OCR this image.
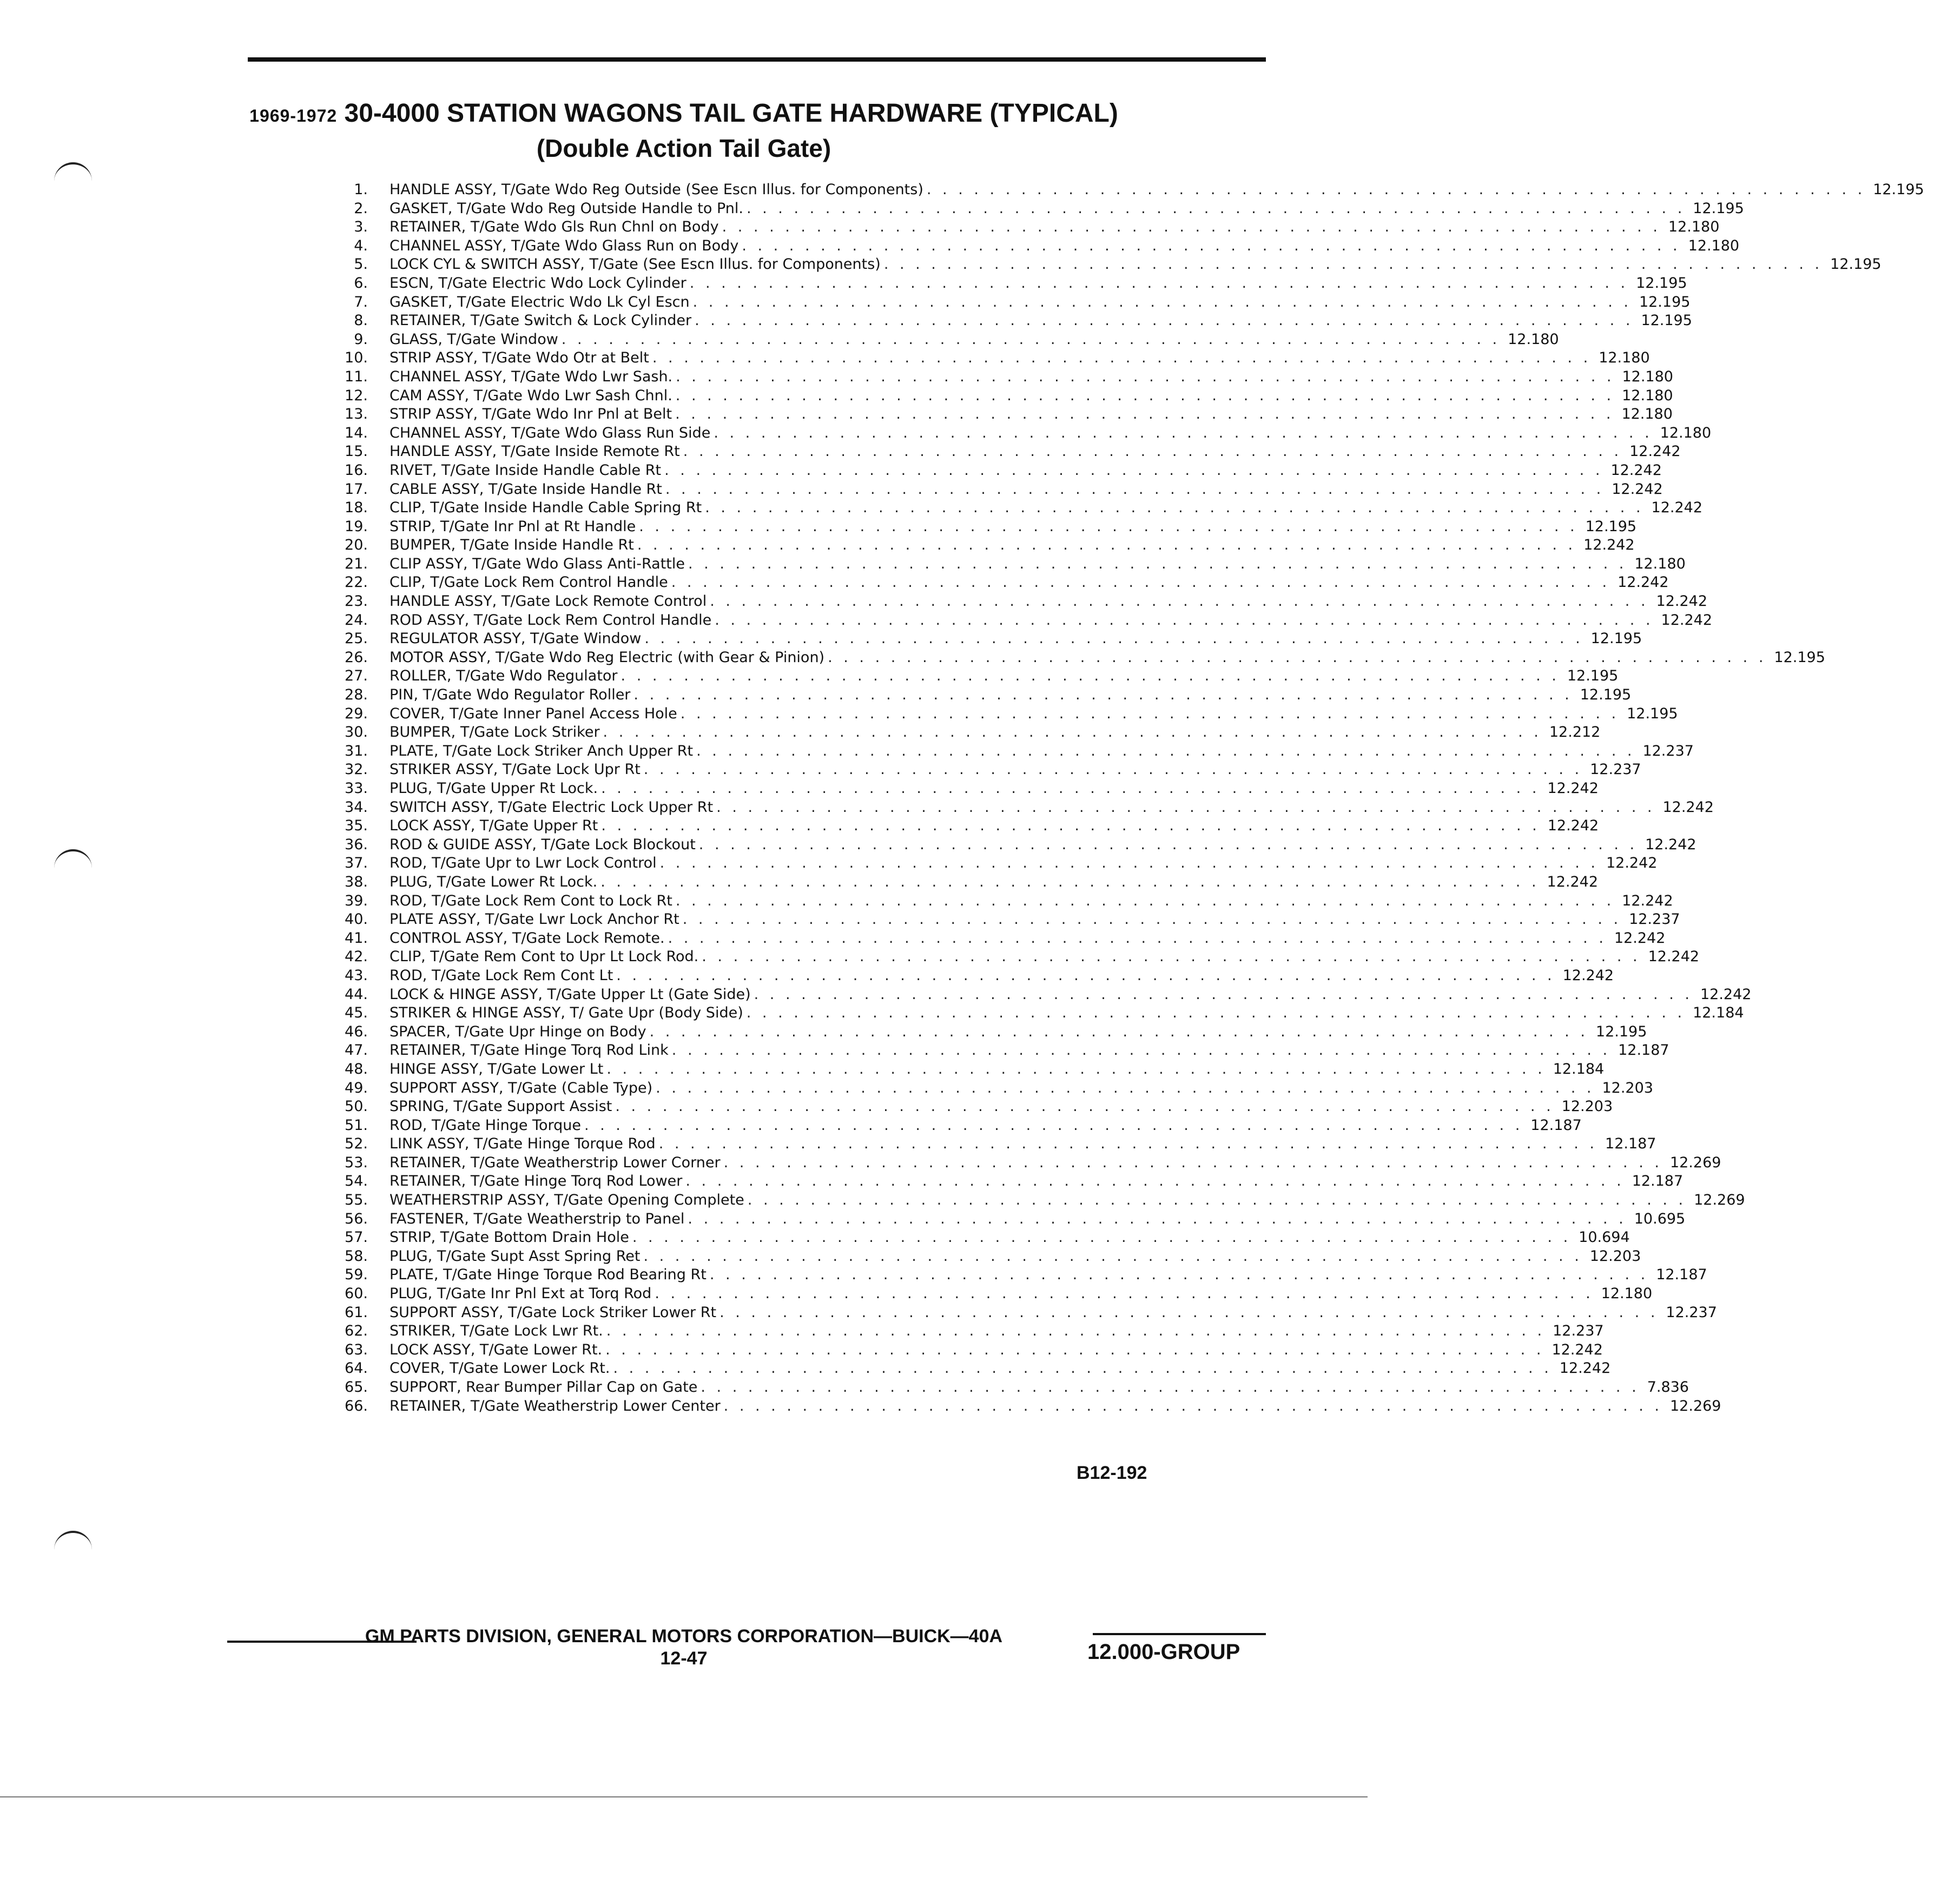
1969-1972 30-4000 STATION WAGONS TAIL GATE HARDWARE (TYPICAL)
(Double Action Tail Gate)
1.	HANDLE ASSY, T/Gate Wdo Reg Outside (See Escn Illus. for Components) . . .	12.195
2.	GASKET, T/Gate Wdo Reg Outside Handle to Pnl. . . .	12.195
3.	RETAINER, T/Gate Wdo Gls Run Chnl on Body . . .	12.180
4.	CHANNEL ASSY, T/Gate Wdo Glass Run on Body . . .	12.180
5.	LOCK CYL & SWITCH ASSY, T/Gate (See Escn Illus. for Components) . . .	12.195
6.	ESCN, T/Gate Electric Wdo Lock Cylinder . . .	12.195
7.	GASKET, T/Gate Electric Wdo Lk Cyl Escn . . .	12.195
8.	RETAINER, T/Gate Switch & Lock Cylinder . . .	12.195
9.	GLASS, T/Gate Window . . .	12.180
10.	STRIP ASSY, T/Gate Wdo Otr at Belt . . .	12.180
11.	CHANNEL ASSY, T/Gate Wdo Lwr Sash. . . .	12.180
12.	CAM ASSY, T/Gate Wdo Lwr Sash Chnl. . . .	12.180
13.	STRIP ASSY, T/Gate Wdo Inr Pnl at Belt . . .	12.180
14.	CHANNEL ASSY, T/Gate Wdo Glass Run Side . . .	12.180
15.	HANDLE ASSY, T/Gate Inside Remote Rt . . .	12.242
16.	RIVET, T/Gate Inside Handle Cable Rt . . .	12.242
17.	CABLE ASSY, T/Gate Inside Handle Rt . . .	12.242
18.	CLIP, T/Gate Inside Handle Cable Spring Rt . . .	12.242
19.	STRIP, T/Gate Inr Pnl at Rt Handle . . .	12.195
20.	BUMPER, T/Gate Inside Handle Rt . . .	12.242
21.	CLIP ASSY, T/Gate Wdo Glass Anti-Rattle . . .	12.180
22.	CLIP, T/Gate Lock Rem Control Handle . . .	12.242
23.	HANDLE ASSY, T/Gate Lock Remote Control . . .	12.242
24.	ROD ASSY, T/Gate Lock Rem Control Handle . . .	12.242
25.	REGULATOR ASSY, T/Gate Window . . .	12.195
26.	MOTOR ASSY, T/Gate Wdo Reg Electric (with Gear & Pinion) . . .	12.195
27.	ROLLER, T/Gate Wdo Regulator . . .	12.195
28.	PIN, T/Gate Wdo Regulator Roller . . .	12.195
29.	COVER, T/Gate Inner Panel Access Hole . . .	12.195
30.	BUMPER, T/Gate Lock Striker . . .	12.212
31.	PLATE, T/Gate Lock Striker Anch Upper Rt . . .	12.237
32.	STRIKER ASSY, T/Gate Lock Upr Rt . . .	12.237
33.	PLUG, T/Gate Upper Rt Lock. . . .	12.242
34.	SWITCH ASSY, T/Gate Electric Lock Upper Rt . . .	12.242
35.	LOCK ASSY, T/Gate Upper Rt . . .	12.242
36.	ROD & GUIDE ASSY, T/Gate Lock Blockout . . .	12.242
37.	ROD, T/Gate Upr to Lwr Lock Control . . .	12.242
38.	PLUG, T/Gate Lower Rt Lock. . . .	12.242
39.	ROD, T/Gate Lock Rem Cont to Lock Rt . . .	12.242
40.	PLATE ASSY, T/Gate Lwr Lock Anchor Rt . . .	12.237
41.	CONTROL ASSY, T/Gate Lock Remote. . . .	12.242
42.	CLIP, T/Gate Rem Cont to Upr Lt Lock Rod. . . .	12.242
43.	ROD, T/Gate Lock Rem Cont Lt . . .	12.242
44.	LOCK & HINGE ASSY, T/Gate Upper Lt (Gate Side) . . .	12.242
45.	STRIKER & HINGE ASSY, T/ Gate Upr (Body Side) . . .	12.184
46.	SPACER, T/Gate Upr Hinge on Body . . .	12.195
47.	RETAINER, T/Gate Hinge Torq Rod Link . . .	12.187
48.	HINGE ASSY, T/Gate Lower Lt . . .	12.184
49.	SUPPORT ASSY, T/Gate (Cable Type) . . .	12.203
50.	SPRING, T/Gate Support Assist . . .	12.203
51.	ROD, T/Gate Hinge Torque . . .	12.187
52.	LINK ASSY, T/Gate Hinge Torque Rod . . .	12.187
53.	RETAINER, T/Gate Weatherstrip Lower Corner . . .	12.269
54.	RETAINER, T/Gate Hinge Torq Rod Lower . . .	12.187
55.	WEATHERSTRIP ASSY, T/Gate Opening Complete . . .	12.269
56.	FASTENER, T/Gate Weatherstrip to Panel . . .	10.695
57.	STRIP, T/Gate Bottom Drain Hole . . .	10.694
58.	PLUG, T/Gate Supt Asst Spring Ret . . .	12.203
59.	PLATE, T/Gate Hinge Torque Rod Bearing Rt . . .	12.187
60.	PLUG, T/Gate Inr Pnl Ext at Torq Rod . . .	12.180
61.	SUPPORT ASSY, T/Gate Lock Striker Lower Rt . . .	12.237
62.	STRIKER, T/Gate Lock Lwr Rt. . . .	12.237
63.	LOCK ASSY, T/Gate Lower Rt. . . .	12.242
64.	COVER, T/Gate Lower Lock Rt. . . .	12.242
65.	SUPPORT, Rear Bumper Pillar Cap on Gate . . .	7.836
66.	RETAINER, T/Gate Weatherstrip Lower Center . . .	12.269
B12-192
GM PARTS DIVISION, GENERAL MOTORS CORPORATION—BUICK—40A
12-47	12.000-GROUP
